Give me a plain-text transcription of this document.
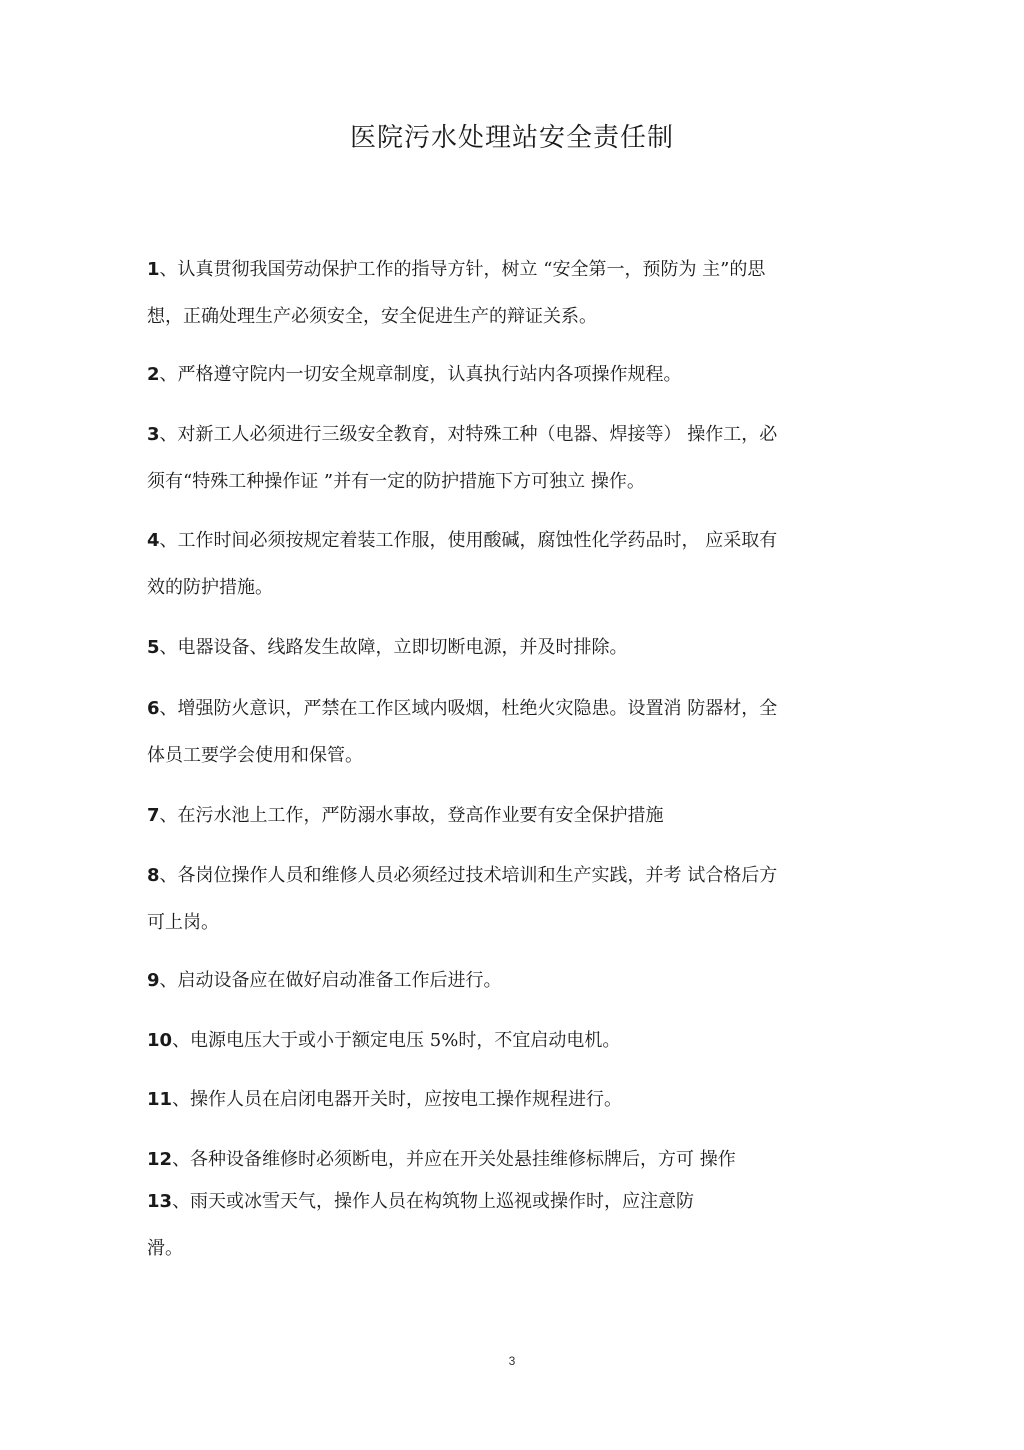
医院污水处理站安全责任制
1、认真贯彻我国劳动保护工作的指导方针，树立 “安全第一，预防为 主”的思
想，正确处理生产必须安全，安全促进生产的辩证关系。
2、严格遵守院内一切安全规章制度，认真执行站内各项操作规程。
3、对新工人必须进行三级安全教育，对特殊工种（电器、焊接等） 操作工，必
须有“特殊工种操作证 ”并有一定的防护措施下方可独立 操作。
4、工作时间必须按规定着装工作服，使用酸碱，腐蚀性化学药品时， 应采取有
效的防护措施。
5、电器设备、线路发生故障，立即切断电源，并及时排除。
6、增强防火意识，严禁在工作区域内吸烟，杜绝火灾隐患。设置消 防器材，全
体员工要学会使用和保管。
7、在污水池上工作，严防溺水事故，登高作业要有安全保护措施
8、各岗位操作人员和维修人员必须经过技术培训和生产实践，并考 试合格后方
可上岗。
9、启动设备应在做好启动准备工作后进行。
10、电源电压大于或小于额定电压 5%时，不宜启动电机。
11、操作人员在启闭电器开关时，应按电工操作规程进行。
12、各种设备维修时必须断电，并应在开关处悬挂维修标牌后，方可 操作
13、雨天或冰雪天气，操作人员在构筑物上巡视或操作时，应注意防
滑。
3
